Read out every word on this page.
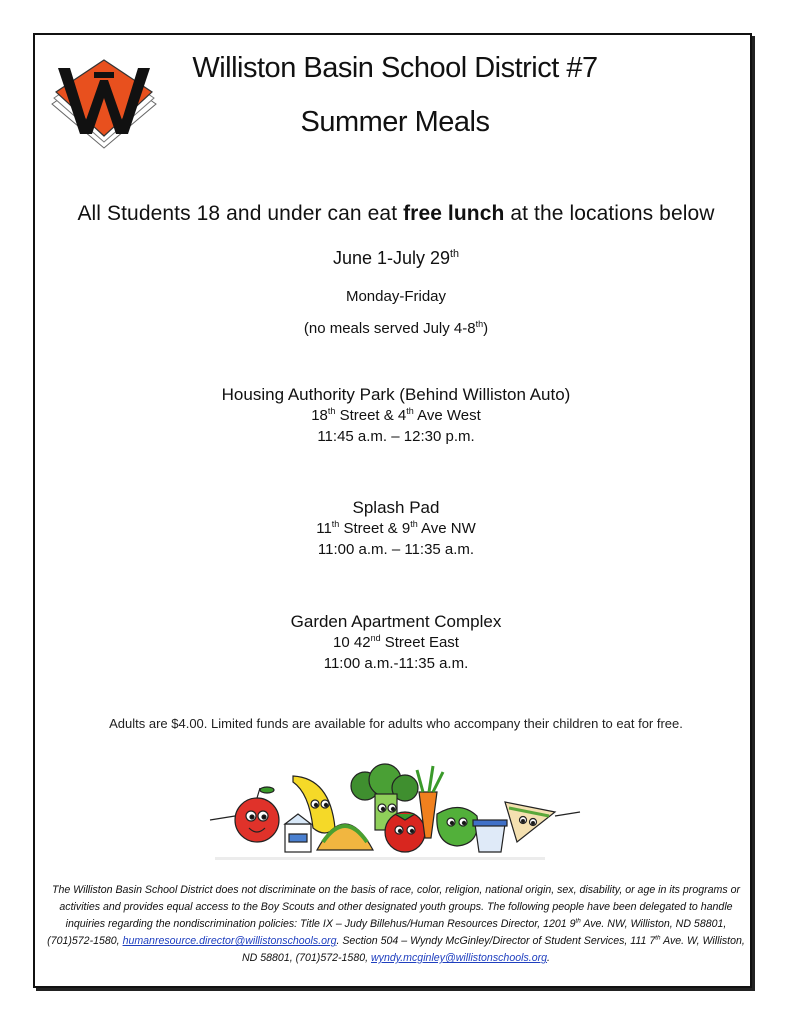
Williston Basin School District #7
Summer Meals
All Students 18 and under can eat free lunch at the locations below
June 1-July 29th
Monday-Friday
(no meals served July 4-8th)
Housing Authority Park (Behind Williston Auto)
18th Street & 4th Ave West
11:45 a.m. – 12:30 p.m.
Splash Pad
11th Street & 9th Ave NW
11:00 a.m. – 11:35 a.m.
Garden Apartment Complex
10 42nd Street East
11:00 a.m.-11:35 a.m.
Adults are $4.00. Limited funds are available for adults who accompany their children to eat for free.
The Williston Basin School District does not discriminate on the basis of race, color, religion, national origin, sex, disability, or age in its programs or activities and provides equal access to the Boy Scouts and other designated youth groups. The following people have been delegated to handle inquiries regarding the nondiscrimination policies: Title IX – Judy Billehus/Human Resources Director, 1201 9th Ave. NW, Williston, ND 58801, (701)572-1580, humanresource.director@willistonschools.org. Section 504 – Wyndy McGinley/Director of Student Services, 111 7th Ave. W, Williston, ND 58801, (701)572-1580, wyndy.mcginley@willistonschools.org.
